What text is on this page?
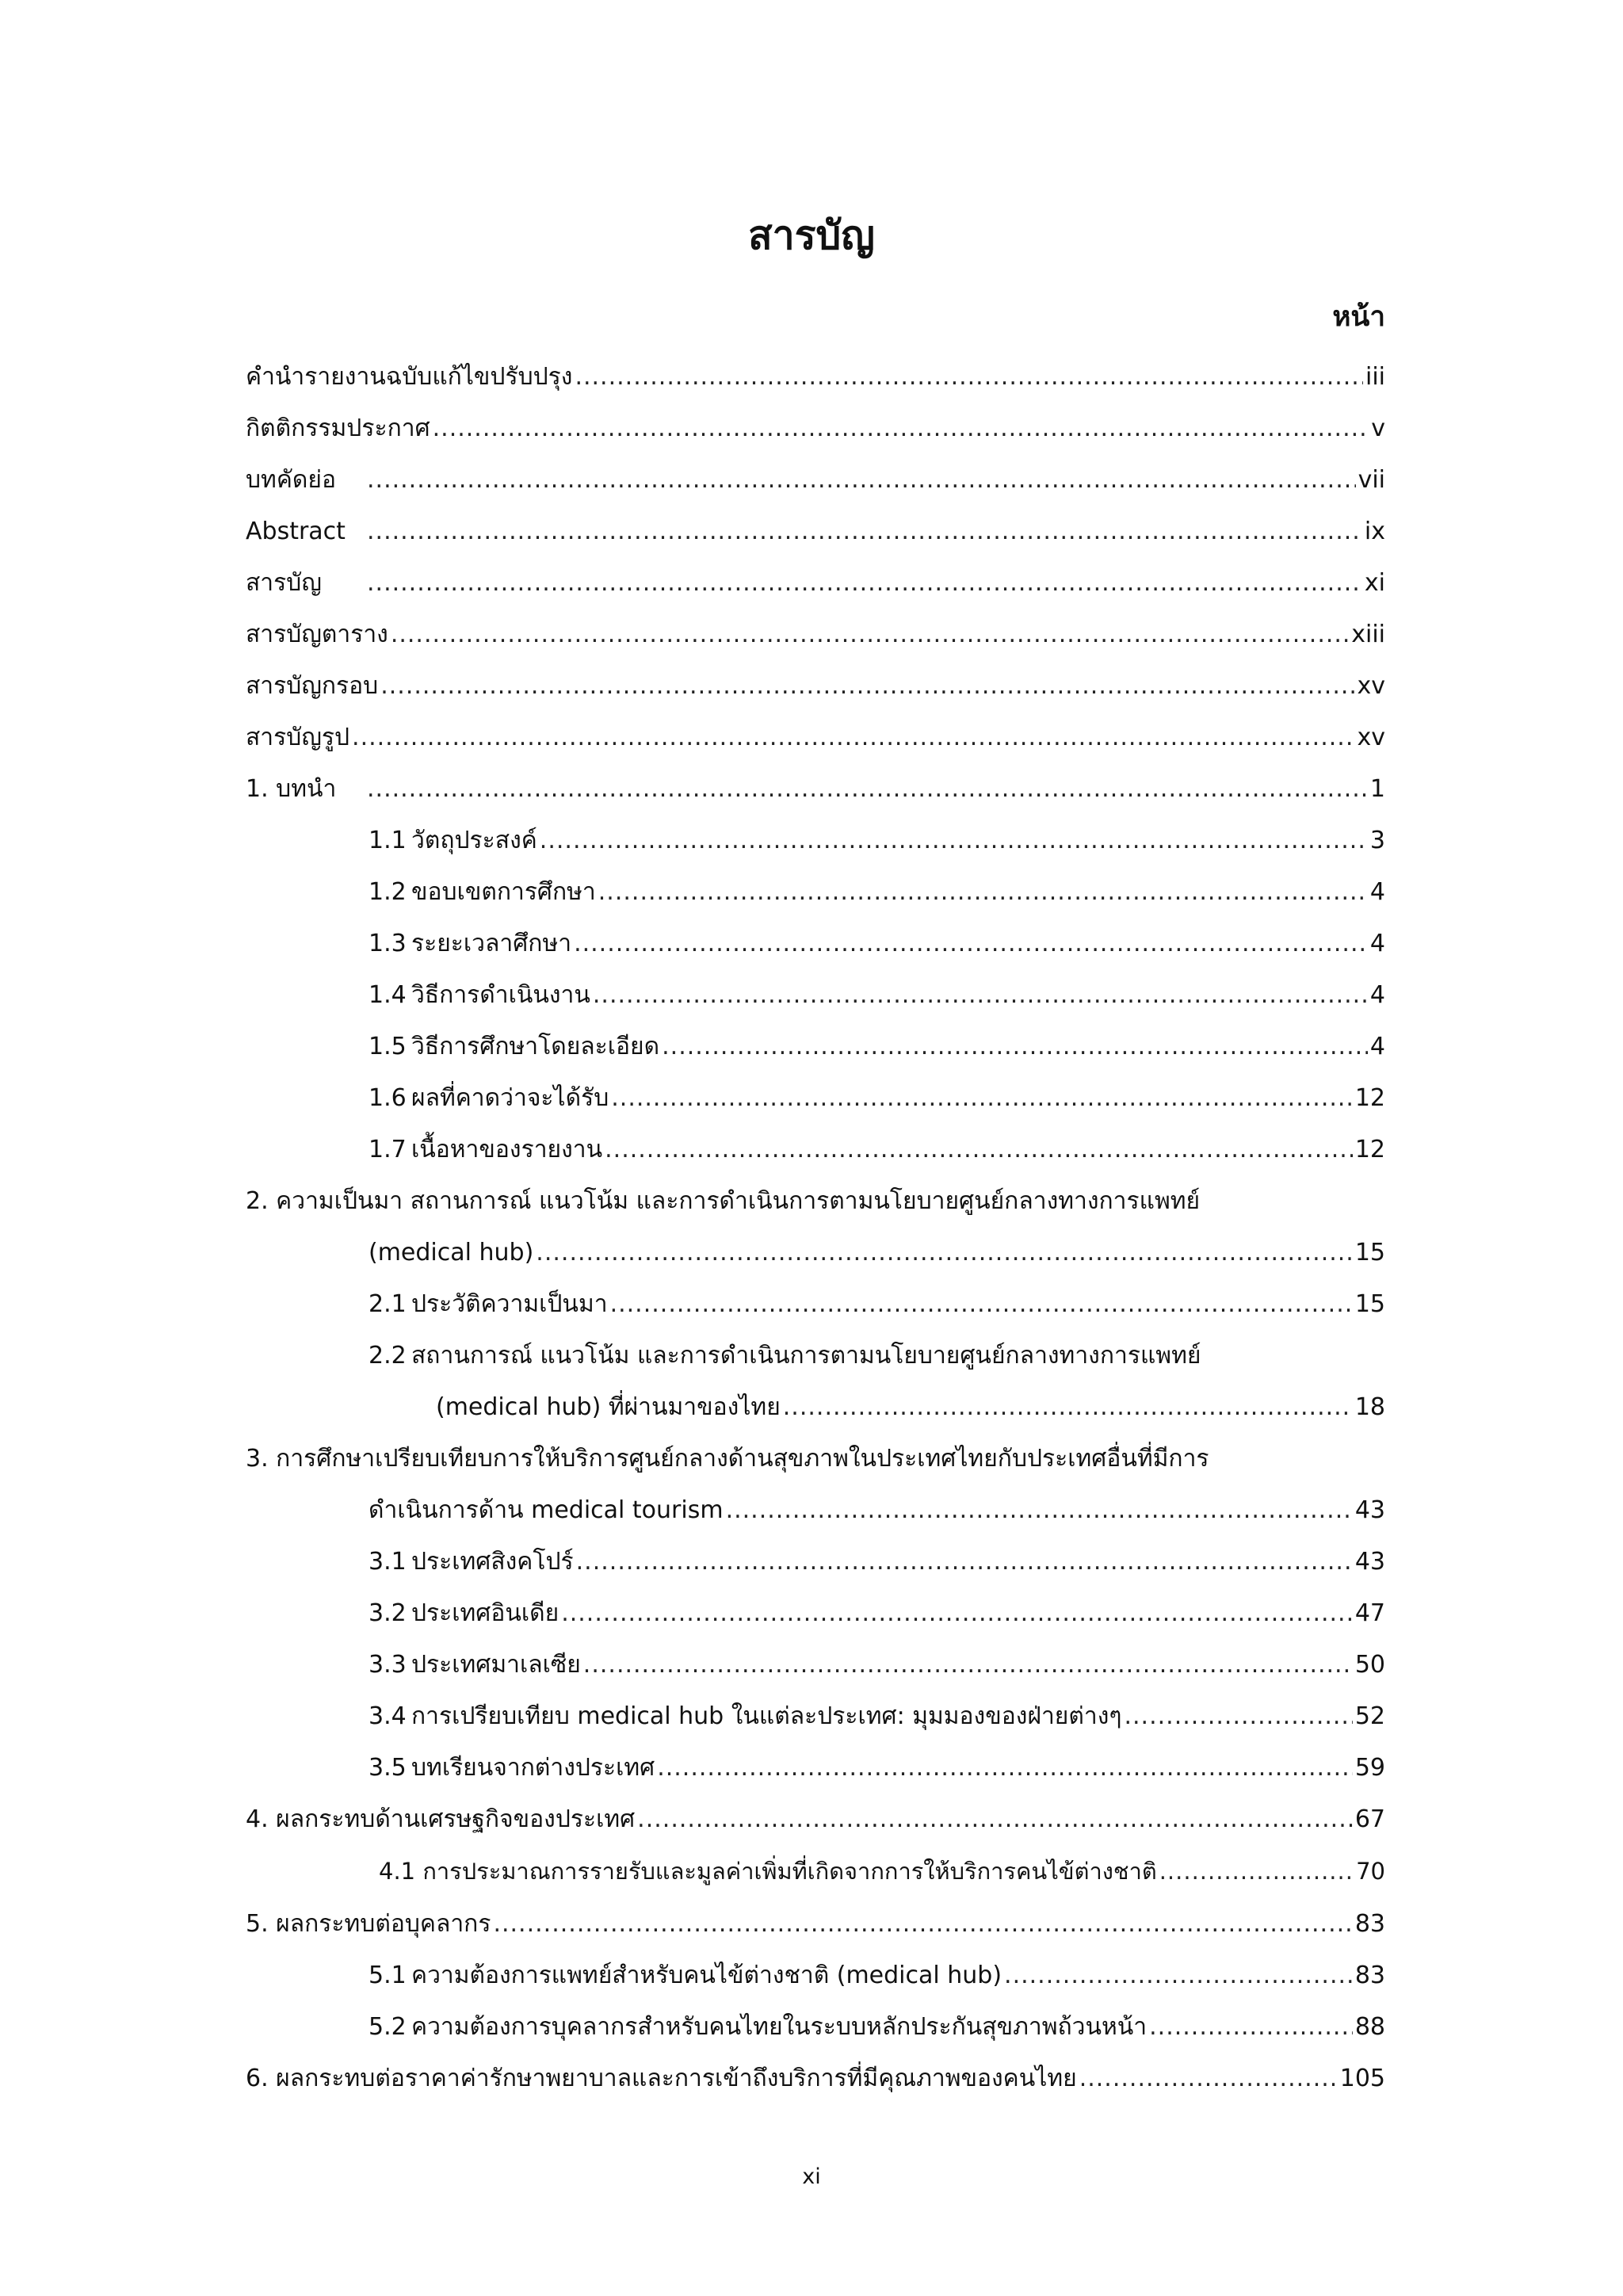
สารบัญ
หน้า
คำนำรายงานฉบับแก้ไขปรับปรุง .....	iii
กิตติกรรมประกาศ .....	v
บทคัดย่อ .....	vii
Abstract .....	ix
สารบัญ .....	xi
สารบัญตาราง .....	xiii
สารบัญกรอบ .....	xv
สารบัญรูป .....	xv
1. บทนำ .....	1
1.1 วัตถุประสงค์ .....	3
1.2 ขอบเขตการศึกษา .....	4
1.3 ระยะเวลาศึกษา .....	4
1.4 วิธีการดำเนินงาน .....	4
1.5 วิธีการศึกษาโดยละเอียด .....	4
1.6 ผลที่คาดว่าจะได้รับ .....	12
1.7 เนื้อหาของรายงาน .....	12
2. ความเป็นมา สถานการณ์ แนวโน้ม และการดำเนินการตามนโยบายศูนย์กลางทางการแพทย์
(medical hub) .....	15
2.1 ประวัติความเป็นมา .....	15
2.2 สถานการณ์ แนวโน้ม และการดำเนินการตามนโยบายศูนย์กลางทางการแพทย์
(medical hub) ที่ผ่านมาของไทย .....	18
3. การศึกษาเปรียบเทียบการให้บริการศูนย์กลางด้านสุขภาพในประเทศไทยกับประเทศอื่นที่มีการ
ดำเนินการด้าน medical tourism .....	43
3.1 ประเทศสิงคโปร์ .....	43
3.2 ประเทศอินเดีย .....	47
3.3 ประเทศมาเลเซีย .....	50
3.4 การเปรียบเทียบ medical hub ในแต่ละประเทศ: มุมมองของฝ่ายต่างๆ .....	52
3.5 บทเรียนจากต่างประเทศ .....	59
4. ผลกระทบด้านเศรษฐกิจของประเทศ .....	67
4.1 การประมาณการรายรับและมูลค่าเพิ่มที่เกิดจากการให้บริการคนไข้ต่างชาติ .....	70
5. ผลกระทบต่อบุคลากร .....	83
5.1 ความต้องการแพทย์สำหรับคนไข้ต่างชาติ (medical hub) .....	83
5.2 ความต้องการบุคลากรสำหรับคนไทยในระบบหลักประกันสุขภาพถ้วนหน้า .....	88
6. ผลกระทบต่อราคาค่ารักษาพยาบาลและการเข้าถึงบริการที่มีคุณภาพของคนไทย .....	105
xi
